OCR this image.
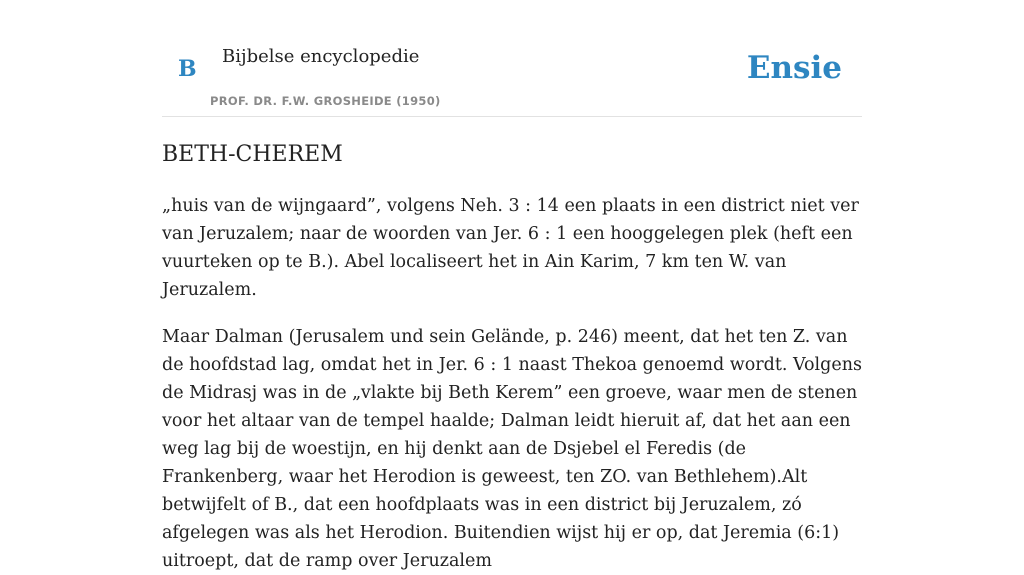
B Bijbelse encyclopedie
PROF. DR. F.W. GROSHEIDE (1950)
Ensie
BETH-CHEREM

„huis van de wijngaard”, volgens Neh. 3 : 14 een plaats in een district niet ver van Jeruzalem; naar de woorden van Jer. 6 : 1 een hooggelegen plek (heft een vuurteken op te B.). Abel localiseert het in Ain Karim, 7 km ten W. van Jeruzalem.

Maar Dalman (Jerusalem und sein Gelände, p. 246) meent, dat het ten Z. van de hoofdstad lag, omdat het in Jer. 6 : 1 naast Thekoa genoemd wordt. Volgens de Midrasj was in de „vlakte bij Beth Kerem” een groeve, waar men de stenen voor het altaar van de tempel haalde; Dalman leidt hieruit af, dat het aan een weg lag bij de woestijn, en hij denkt aan de Dsjebel el Feredis (de Frankenberg, waar het Herodion is geweest, ten ZO. van Bethlehem).Alt betwijfelt of B., dat een hoofdplaats was in een district bij Jeruzalem, zó afgelegen was als het Herodion. Buitendien wijst hij er op, dat Jeremia (6:1) uitroept, dat de ramp over Jeruzalem
